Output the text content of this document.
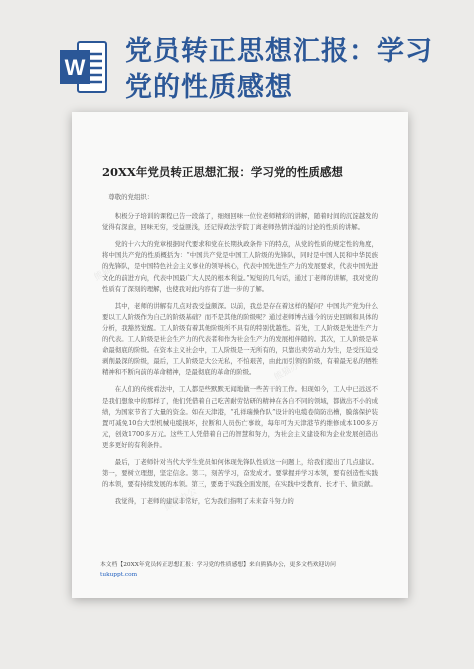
W
党员转正思想汇报：学习党的性质感想
熊猫办公
熊猫办公
熊猫办公
20XX年党员转正思想汇报：学习党的性质感想

尊敬的党组织：

积极分子培训的课程已告一段落了，细细回味一位位老师精彩的讲解，随着时间的沉淀越发的觉得有深意，回味无穷，受益匪浅，还记得政法学院丁离老师热情洋溢的讨论的性质的讲解。

党的十六大的党章根据时代要求和党在长期执政条件下的特点，从党的性质的规定性的角度，将中国共产党的性质概括为：“中国共产党是中国工人阶级的先锋队，同时是中国人民和中华民族的先锋队，是中国特色社会主义事业的领导核心，代表中国先进生产力的发展要求，代表中国先进文化的前进方向，代表中国最广大人民的根本利益。”短短的几句话，通过丁老师的讲解，我对党的性质有了深刻的理解，也使我对此内容有了进一步的了解。

其中，老师的讲解有几点对我受益颇深。以前，我总是存在着这样的疑问？中国共产党为什么要以工人阶级作为自己的阶级基础？而不是其他的阶级呢？通过老师博古通今的历史回顾和具体的分析，我豁然觉醒。工人阶级有着其他阶级所不具有的特别优越性。首先，工人阶级是先进生产力的代表。工人阶级是社会生产力的代表者和作为社会生产力的发展相伴随的。其次，工人阶级是革命最彻底的阶级。在资本主义社会中，工人阶级是一无所有的，只靠出卖劳动力为生，是受压迫受剥削最深的阶级，最后，工人阶级是大公无私，不怕艰苦，由此而引领的阶级，有着最无私的牺牲精神和不断向前的革命精神，是最彻底的革命的阶级。

在人们的传统看法中，工人都是些默默无闻地做一些苦干的工作。但现如今，工人中已远远不是我们想象中的那样了，他们凭借着自己吃苦耐劳钻研的精神在各自不同的领域，都做出不小的成绩，为国家节省了大量的资金。如在天津港，“孔祥瑞操作队”设计的电缆卷筒防出槽，膜落保护装置可减免10台大型机械电缆损坏，拉断和人员伤亡事故，每年可为天津港节约维修成本100多万元，创效1700多万元。这些工人凭借着自己的智慧和努力，为社会主义建设和为企业发展创造出更多更好的有利条件。

最后，丁老师针对当代大学生党员如何体现先锋队性质这一问题上，给我们提出了几点建议。第一，要树立理想，坚定信念。第二，刻苦学习，奋发成才。要掌握并学习本领，要有创造性实践的本领，要有持续发展的本领。第三，要勇于实践全面发展，在实践中受教育、长才干、做贡献。

我觉得，丁老师的建议非常好，它为我们指明了未来奋斗努力的

本文档【20XX年党员转正思想汇报：学习党的性质感想】来自熊猫办公，更多文档欢迎访问
tukuppt.com
